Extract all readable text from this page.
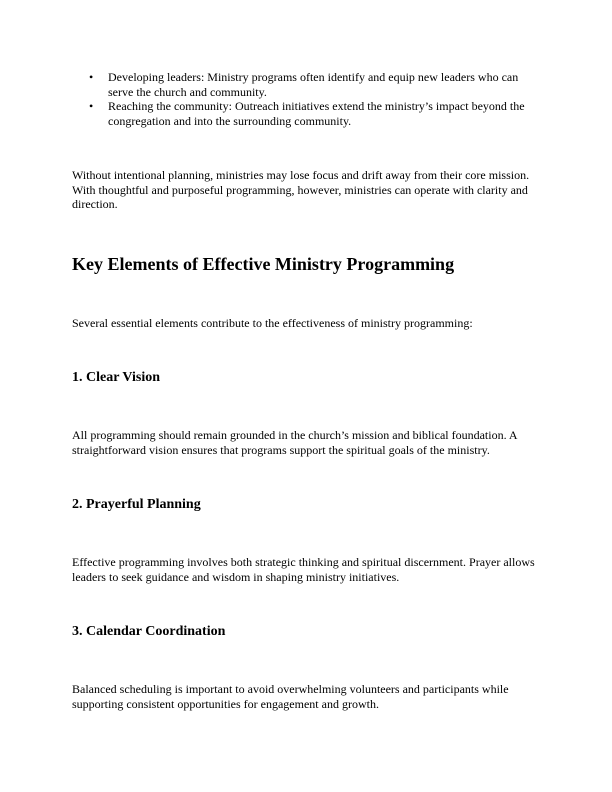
• Developing leaders: Ministry programs often identify and equip new leaders who can serve the church and community.
• Reaching the community: Outreach initiatives extend the ministry’s impact beyond the congregation and into the surrounding community.

Without intentional planning, ministries may lose focus and drift away from their core mission. With thoughtful and purposeful programming, however, ministries can operate with clarity and direction.

Key Elements of Effective Ministry Programming

Several essential elements contribute to the effectiveness of ministry programming:

1. Clear Vision

All programming should remain grounded in the church’s mission and biblical foundation. A straightforward vision ensures that programs support the spiritual goals of the ministry.

2. Prayerful Planning

Effective programming involves both strategic thinking and spiritual discernment. Prayer allows leaders to seek guidance and wisdom in shaping ministry initiatives.

3. Calendar Coordination

Balanced scheduling is important to avoid overwhelming volunteers and participants while supporting consistent opportunities for engagement and growth.
